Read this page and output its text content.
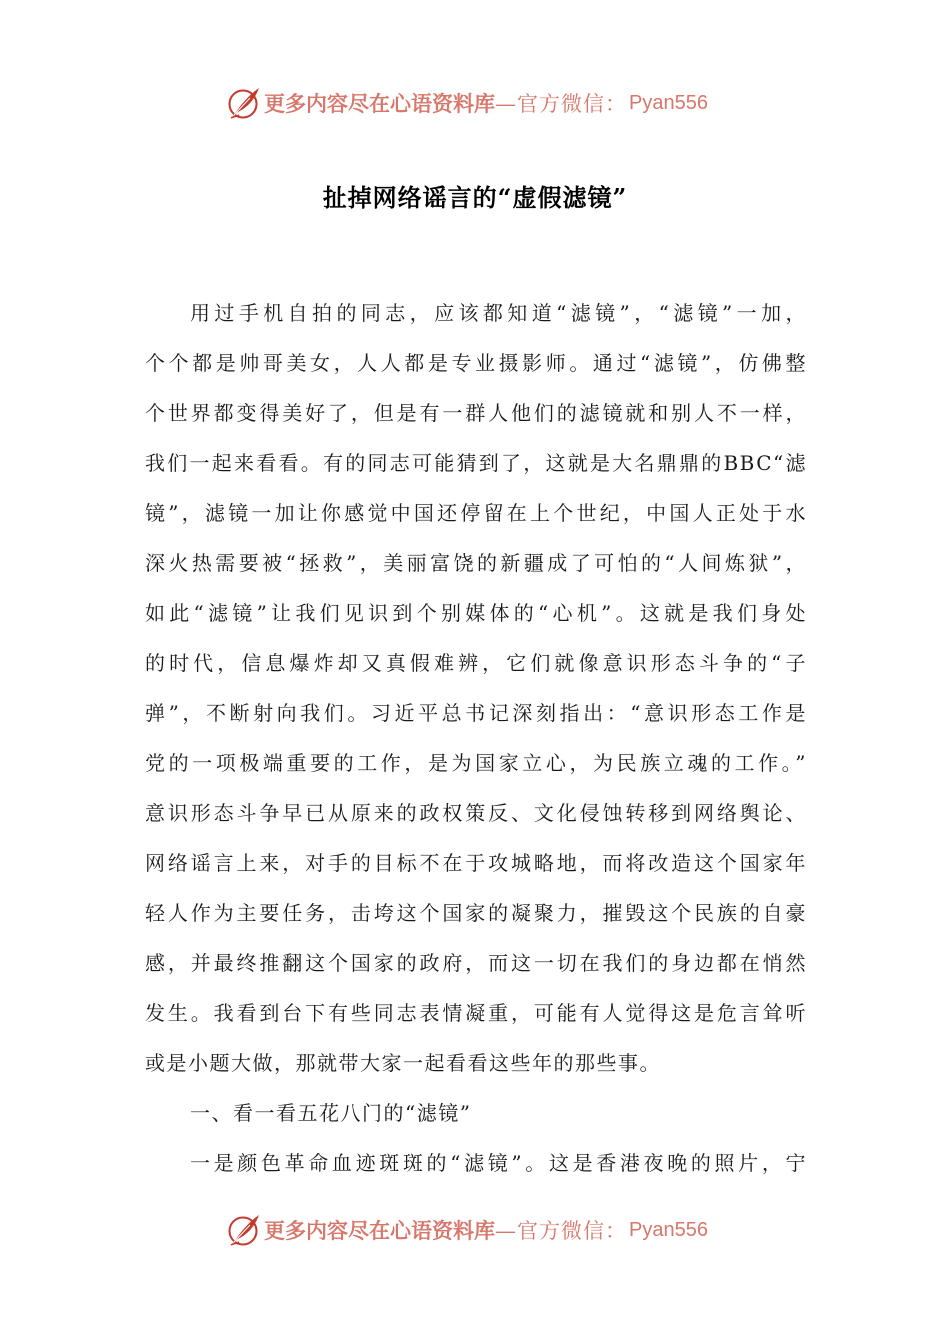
更多内容尽在心语资料库 —官方微信： Pyan556
扯掉网络谣言的“虚假滤镜”
用过手机自拍的同志，应该都知道“滤镜”，“滤镜”一加，
个个都是帅哥美女，人人都是专业摄影师。通过“滤镜”，仿佛整
个世界都变得美好了，但是有一群人他们的滤镜就和别人不一样，
我们一起来看看。有的同志可能猜到了，这就是大名鼎鼎的BBC“滤
镜”，滤镜一加让你感觉中国还停留在上个世纪，中国人正处于水
深火热需要被“拯救”，美丽富饶的新疆成了可怕的“人间炼狱”，
如此“滤镜”让我们见识到个别媒体的“心机”。这就是我们身处
的时代，信息爆炸却又真假难辨，它们就像意识形态斗争的“子
弹”，不断射向我们。习近平总书记深刻指出：“意识形态工作是
党的一项极端重要的工作，是为国家立心，为民族立魂的工作。”
意识形态斗争早已从原来的政权策反、文化侵蚀转移到网络舆论、
网络谣言上来，对手的目标不在于攻城略地，而将改造这个国家年
轻人作为主要任务，击垮这个国家的凝聚力，摧毁这个民族的自豪
感，并最终推翻这个国家的政府，而这一切在我们的身边都在悄然
发生。我看到台下有些同志表情凝重，可能有人觉得这是危言耸听
或是小题大做，那就带大家一起看看这些年的那些事。
一、看一看五花八门的“滤镜”
一是颜色革命血迹斑斑的“滤镜”。这是香港夜晚的照片，宁
更多内容尽在心语资料库 —官方微信： Pyan556
